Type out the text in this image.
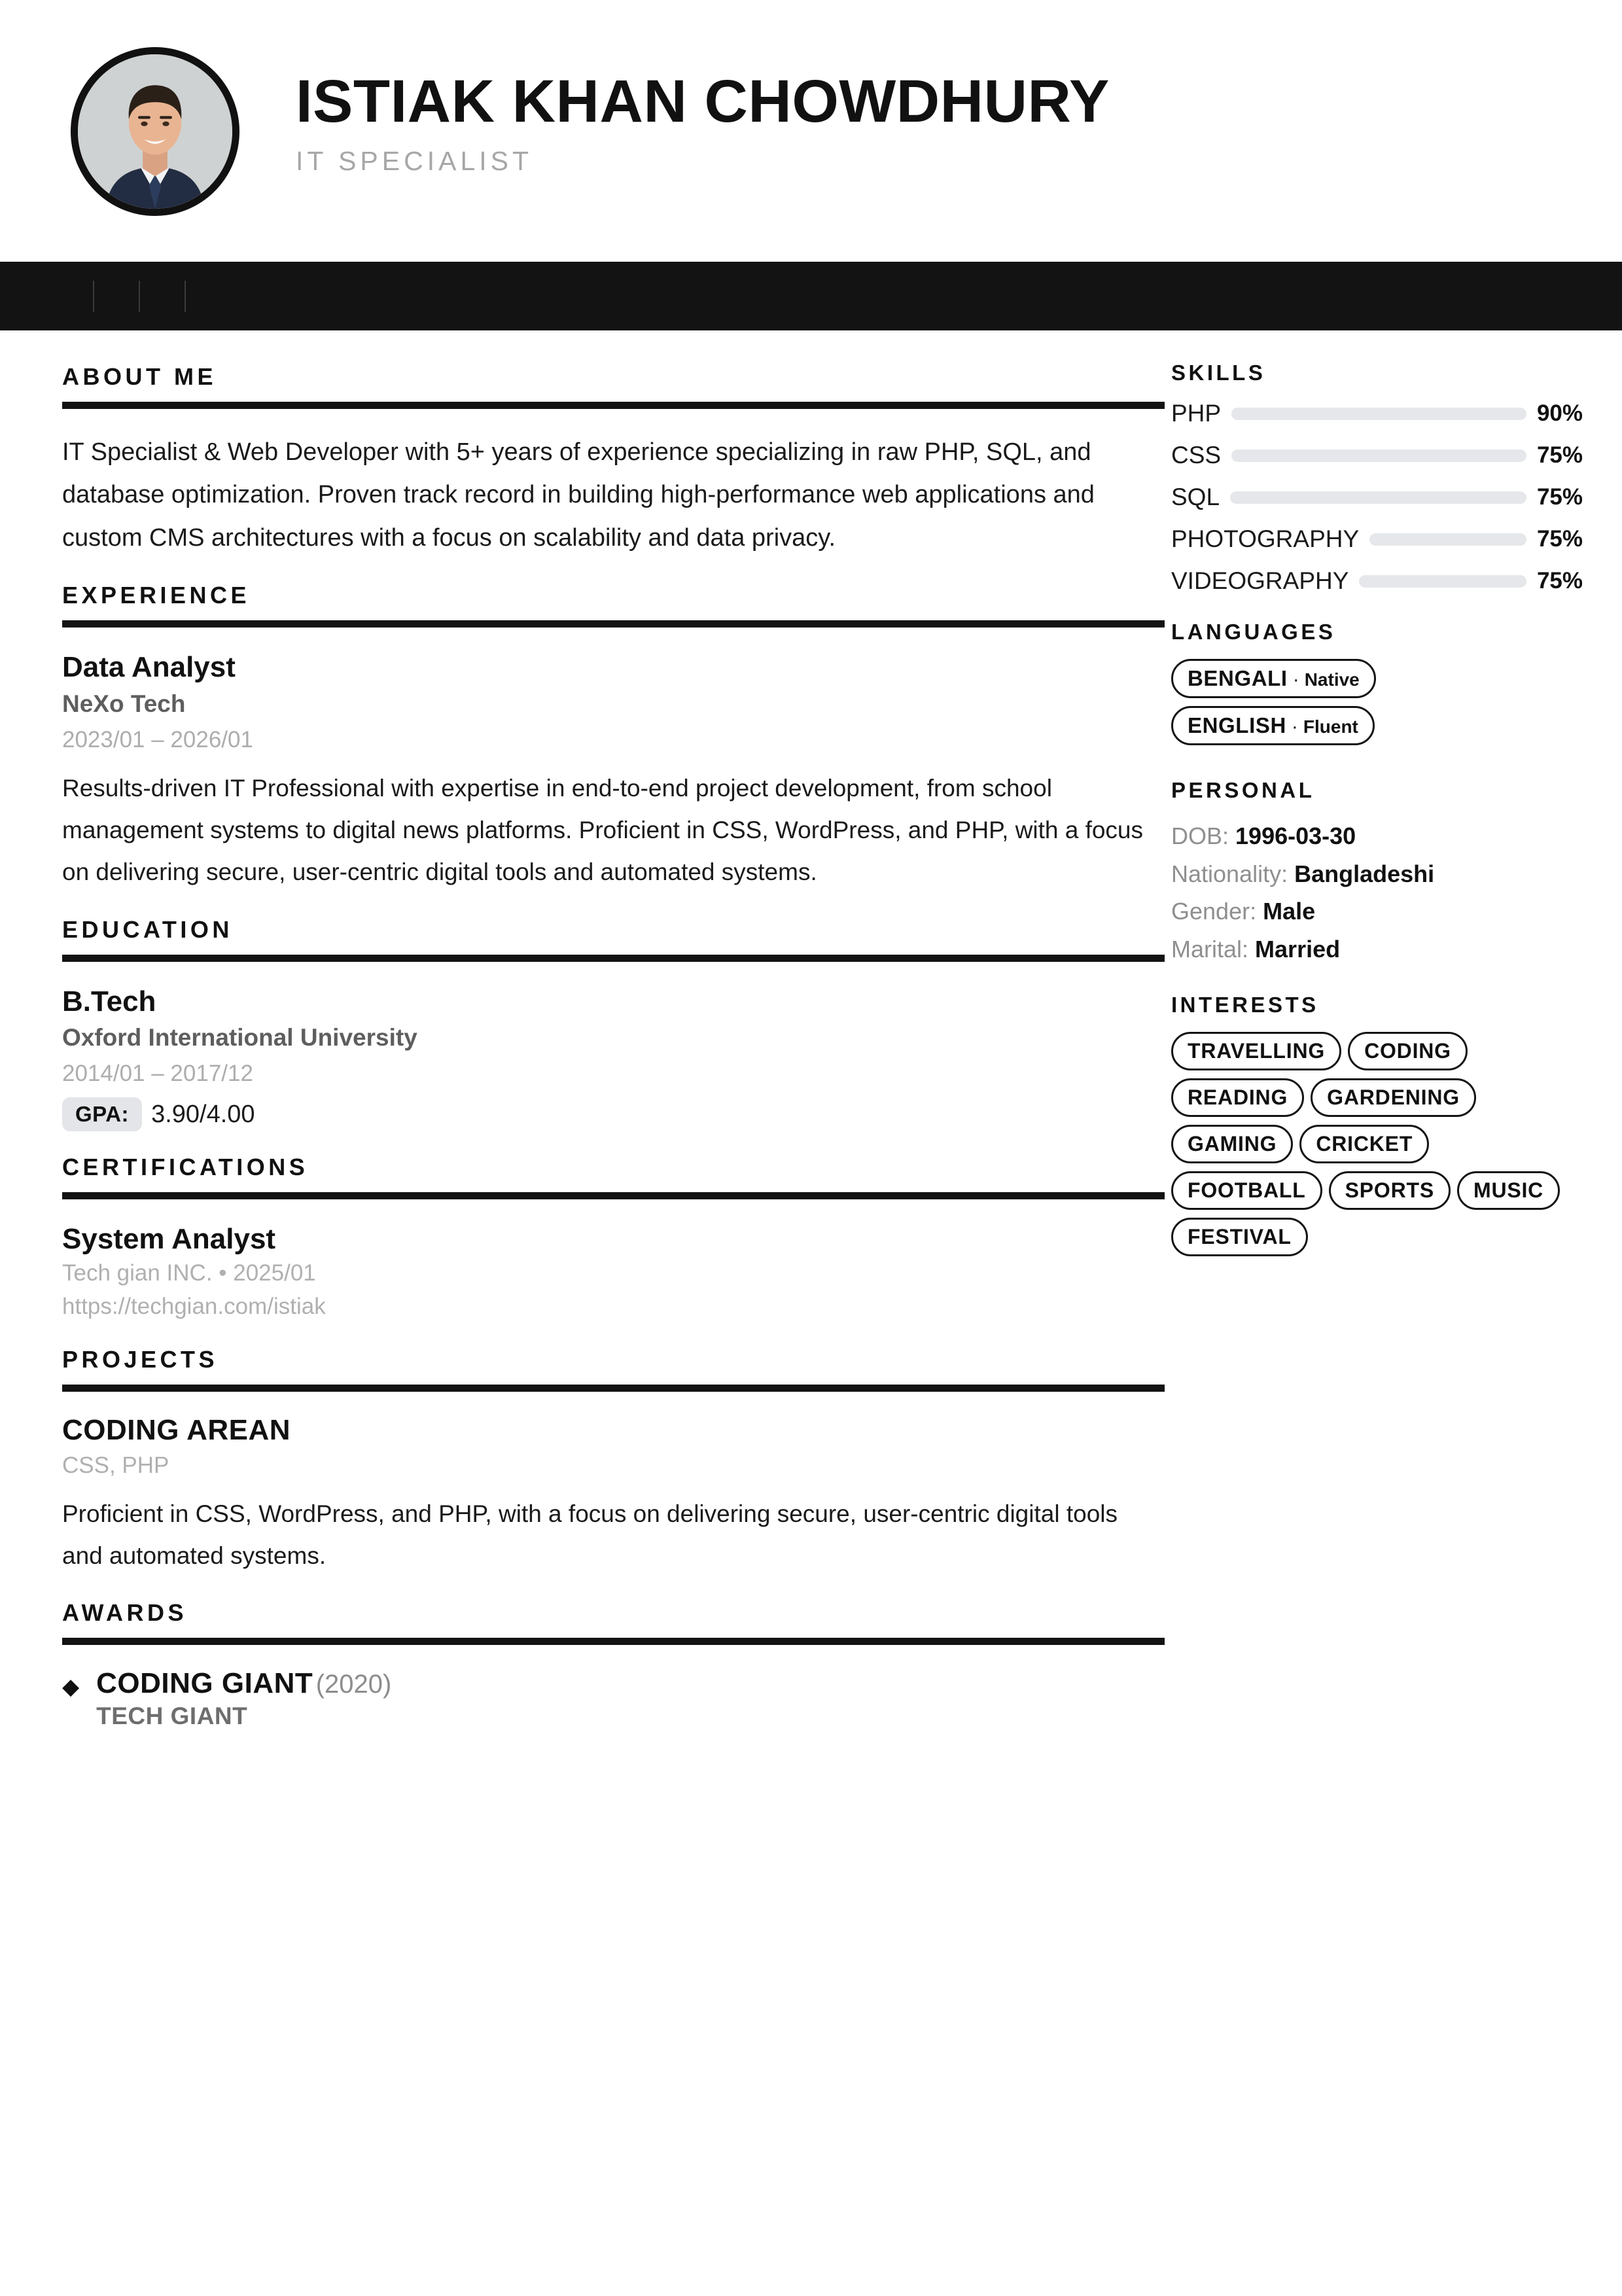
ISTIAK KHAN CHOWDHURY
IT SPECIALIST
ABOUT ME
IT Specialist & Web Developer with 5+ years of experience specializing in raw PHP, SQL, and database optimization. Proven track record in building high-performance web applications and custom CMS architectures with a focus on scalability and data privacy.
EXPERIENCE
Data Analyst
NeXo Tech
2023/01 – 2026/01
Results-driven IT Professional with expertise in end-to-end project development, from school management systems to digital news platforms. Proficient in CSS, WordPress, and PHP, with a focus on delivering secure, user-centric digital tools and automated systems.
EDUCATION
B.Tech
Oxford International University
2014/01 – 2017/12
GPA: 3.90/4.00
CERTIFICATIONS
System Analyst
Tech gian INC. • 2025/01
https://techgian.com/istiak
PROJECTS
CODING AREAN
CSS, PHP
Proficient in CSS, WordPress, and PHP, with a focus on delivering secure, user-centric digital tools and automated systems.
AWARDS
◆ CODING GIANT (2020)
TECH GIANT
SKILLS
PHP	90%
CSS	75%
SQL	75%
PHOTOGRAPHY	75%
VIDEOGRAPHY	75%
LANGUAGES
BENGALI · Native
ENGLISH · Fluent
PERSONAL
DOB: 1996-03-30
Nationality: Bangladeshi
Gender: Male
Marital: Married
INTERESTS
TRAVELLING CODING
READING GARDENING
GAMING CRICKET
FOOTBALL SPORTS MUSIC
FESTIVAL
